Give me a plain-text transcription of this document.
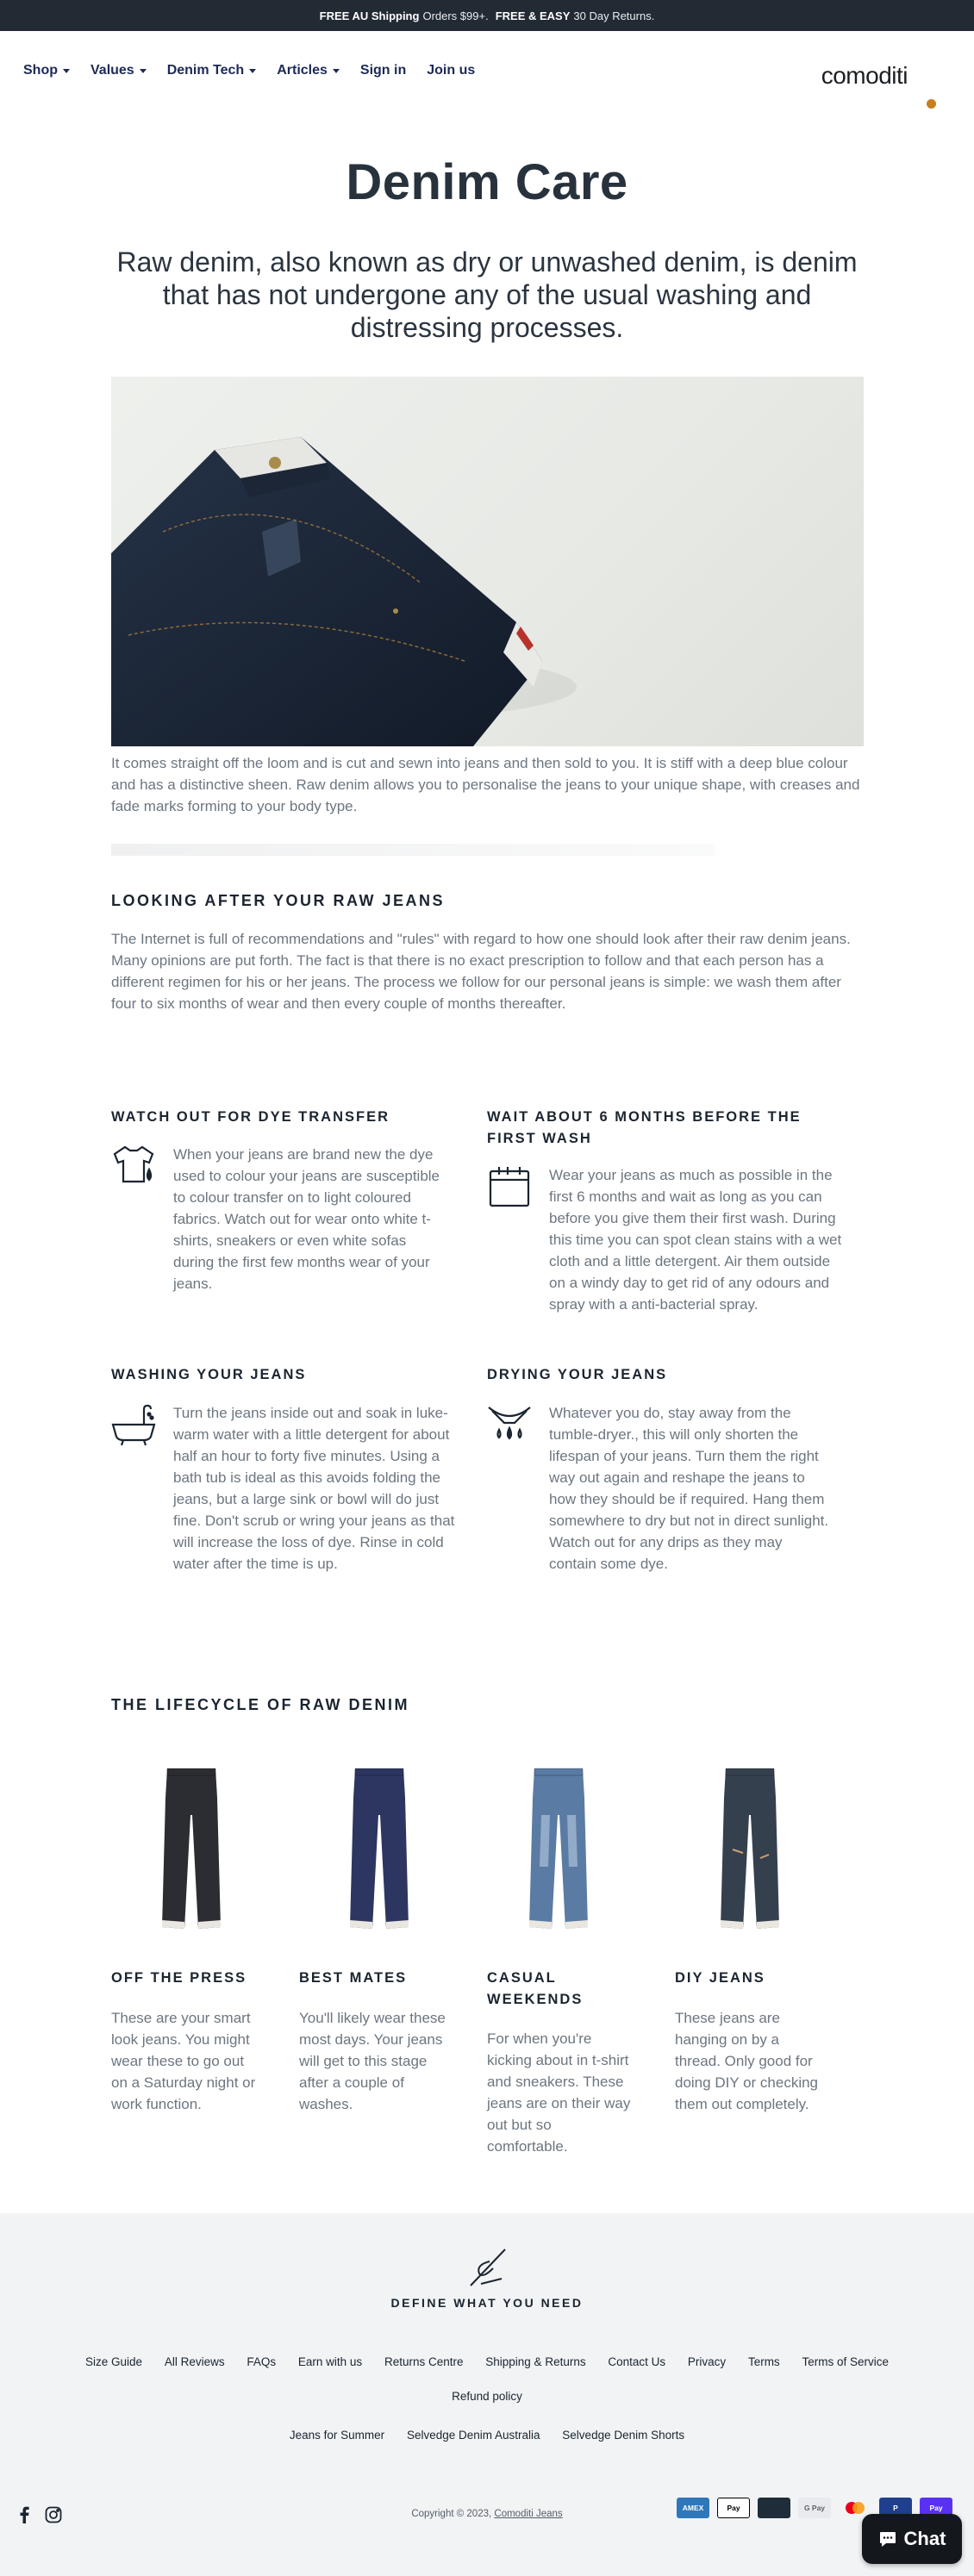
FREE AU Shipping Orders $99+. FREE & EASY 30 Day Returns.
Shop Values Denim Tech Articles Sign in Join us	comoditi
Denim Care

Raw denim, also known as dry or unwashed denim, is denim that has not undergone any of the usual washing and distressing processes.

It comes straight off the loom and is cut and sewn into jeans and then sold to you. It is stiff with a deep blue colour and has a distinctive sheen. Raw denim allows you to personalise the jeans to your unique shape, with creases and fade marks forming to your body type.

LOOKING AFTER YOUR RAW JEANS

The Internet is full of recommendations and "rules" with regard to how one should look after their raw denim jeans. Many opinions are put forth. The fact is that there is no exact prescription to follow and that each person has a different regimen for his or her jeans. The process we follow for our personal jeans is simple: we wash them after four to six months of wear and then every couple of months thereafter.

WATCH OUT FOR DYE TRANSFER

When your jeans are brand new the dye used to colour your jeans are susceptible to colour transfer on to light coloured fabrics. Watch out for wear onto white t-shirts, sneakers or even white sofas during the first few months wear of your jeans.

WAIT ABOUT 6 MONTHS BEFORE THE FIRST WASH

Wear your jeans as much as possible in the first 6 months and wait as long as you can before you give them their first wash. During this time you can spot clean stains with a wet cloth and a little detergent. Air them outside on a windy day to get rid of any odours and spray with a anti-bacterial spray.

WASHING YOUR JEANS

Turn the jeans inside out and soak in luke-warm water with a little detergent for about half an hour to forty five minutes. Using a bath tub is ideal as this avoids folding the jeans, but a large sink or bowl will do just fine. Don't scrub or wring your jeans as that will increase the loss of dye. Rinse in cold water after the time is up.

DRYING YOUR JEANS

Whatever you do, stay away from the tumble-dryer., this will only shorten the lifespan of your jeans. Turn them the right way out again and reshape the jeans to how they should be if required. Hang them somewhere to dry but not in direct sunlight. Watch out for any drips as they may contain some dye.

THE LIFECYCLE OF RAW DENIM
OFF THE PRESS

These are your smart look jeans. You might wear these to go out on a Saturday night or work function.

BEST MATES

You'll likely wear these most days. Your jeans will get to this stage after a couple of washes.

CASUAL WEEKENDS

For when you're kicking about in t-shirt and sneakers. These jeans are on their way out but so comfortable.

DIY JEANS

These jeans are hanging on by a thread. Only good for doing DIY or checking them out completely.

DEFINE WHAT YOU NEED
Size Guide All Reviews FAQs Earn with us Returns Centre Shipping & Returns Contact Us Privacy Terms Terms of Service
Refund policy
Jeans for Summer Selvedge Denim Australia Selvedge Denim Shorts
Copyright © 2023, Comoditi Jeans
AMEX	Pay	G Pay	P	Pay
Chat
